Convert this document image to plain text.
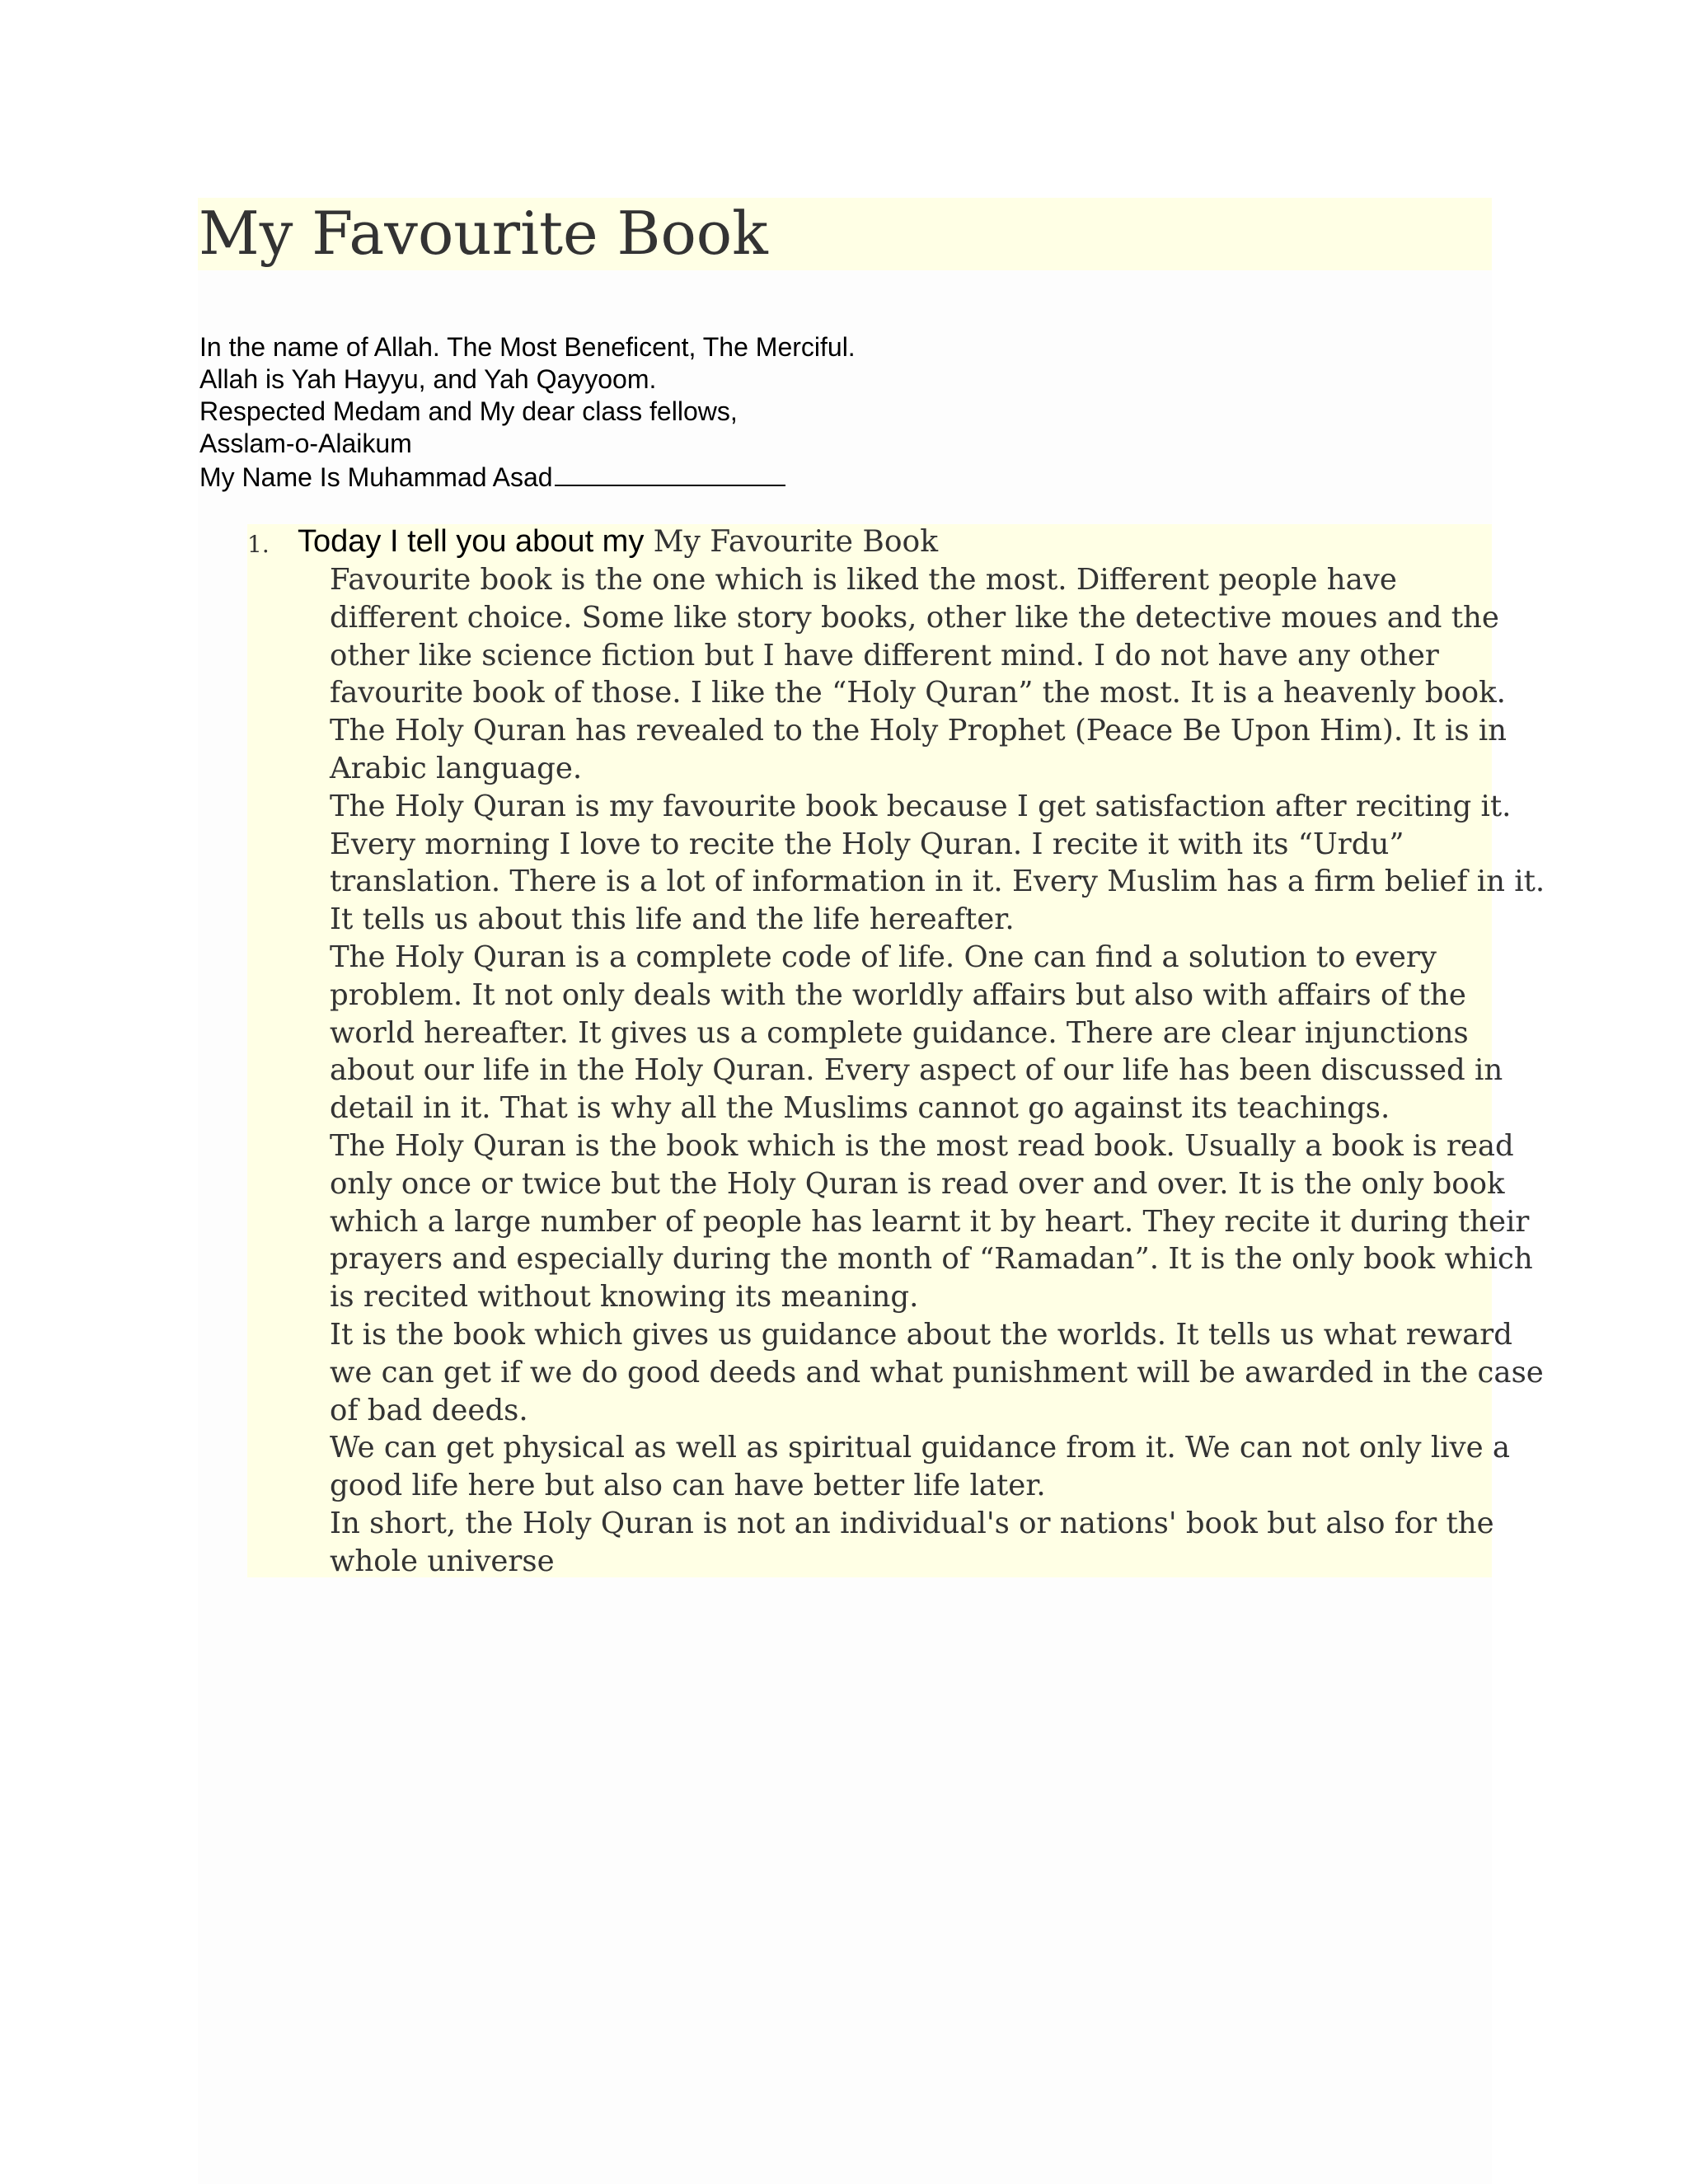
My Favourite Book
In the name of Allah. The Most Beneficent, The Merciful.
Allah is Yah Hayyu, and Yah Qayyoom.
Respected Medam and My dear class fellows,
Asslam-o-Alaikum
My Name Is Muhammad Asad
1. Today I tell you about my My Favourite Book

Favourite book is the one which is liked the most. Different people have
different choice. Some like story books, other like the detective moues and the
other like science fiction but I have different mind. I do not have any other
favourite book of those. I like the “Holy Quran” the most. It is a heavenly book.
The Holy Quran has revealed to the Holy Prophet (Peace Be Upon Him). It is in
Arabic language.

The Holy Quran is my favourite book because I get satisfaction after reciting it.
Every morning I love to recite the Holy Quran. I recite it with its “Urdu”
translation. There is a lot of information in it. Every Muslim has a firm belief in it.
It tells us about this life and the life hereafter.

The Holy Quran is a complete code of life. One can find a solution to every
problem. It not only deals with the worldly affairs but also with affairs of the
world hereafter. It gives us a complete guidance. There are clear injunctions
about our life in the Holy Quran. Every aspect of our life has been discussed in
detail in it. That is why all the Muslims cannot go against its teachings.

The Holy Quran is the book which is the most read book. Usually a book is read
only once or twice but the Holy Quran is read over and over. It is the only book
which a large number of people has learnt it by heart. They recite it during their
prayers and especially during the month of “Ramadan”. It is the only book which
is recited without knowing its meaning.

It is the book which gives us guidance about the worlds. It tells us what reward
we can get if we do good deeds and what punishment will be awarded in the case
of bad deeds.

We can get physical as well as spiritual guidance from it. We can not only live a
good life here but also can have better life later.

In short, the Holy Quran is not an individual's or nations' book but also for the
whole universe
